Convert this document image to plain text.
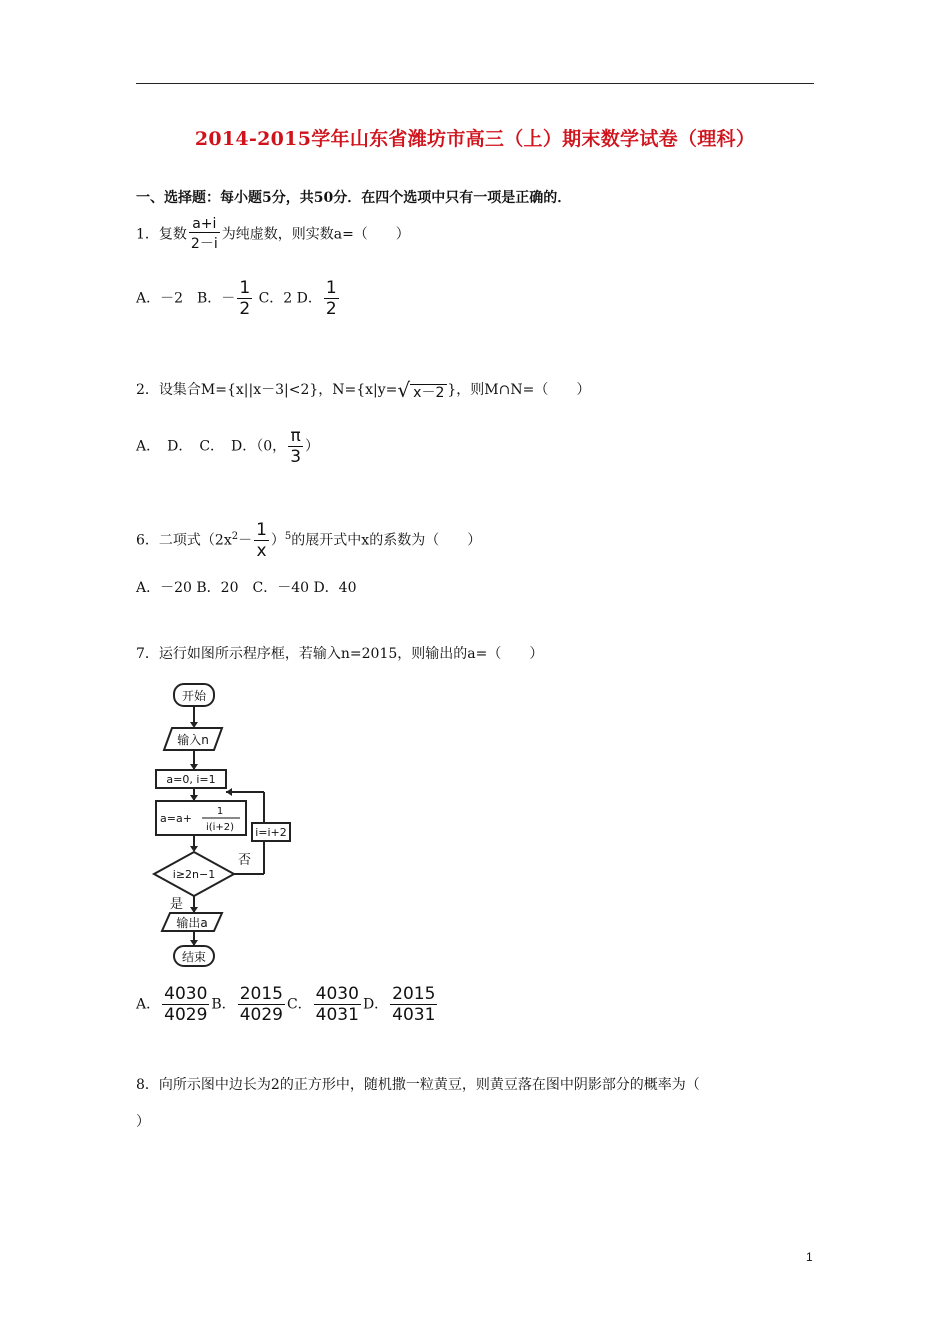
2014-2015学年山东省潍坊市高三（上）期末数学试卷（理科）
一、选择题：每小题5分，共50分．在四个选项中只有一项是正确的．
1．复数 $\frac{a+i}{2-i}$ 为纯虚数，则实数a=（　　）
A．－2　B．－ $\frac{1}{2}$ C．2 D． $\frac{1}{2}$
2．设集合M={x||x－3|<2}，N={x|y=√ x－2 }，则M∩N=（　　）
A．　D．　C．　D．（0， $\frac{\pi}{3}$ ）
6．二项式$(2x^2- \frac{1}{x} )^5$的展开式中x的系数为（　　）
A．－20 B．20　C．－40 D．40
7．运行如图所示程序框，若输入n=2015，则输出的a=（　　）
开始
输入n
a=0, i=1
a=a+
1
i(i+2) i=i+2
i≥2n−1
否
是
输出a
结束
A． $\frac{4030}{4029}$ B． $\frac{2015}{4029}$ C． $\frac{4030}{4031}$ D． $\frac{2015}{4031}$
8．向所示图中边长为2的正方形中，随机撒一粒黄豆，则黄豆落在图中阴影部分的概率为（
）
1
